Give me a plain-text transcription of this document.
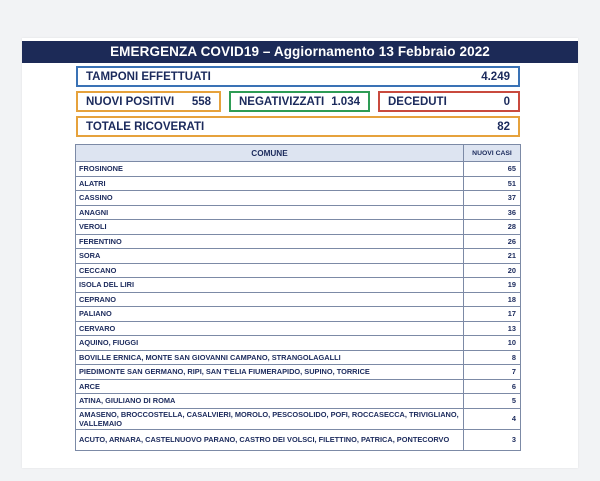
EMERGENZA COVID19 – Aggiornamento 13 Febbraio 2022
TAMPONI EFFETTUATI	4.249
NUOVI POSITIVI 558 NEGATIVIZZATI 1.034 DECEDUTI	0
TOTALE RICOVERATI	82
COMUNE	NUOVI CASI
FROSINONE	65
ALATRI	51
CASSINO	37
ANAGNI	36
VEROLI	28
FERENTINO	26
SORA	21
CECCANO	20
ISOLA DEL LIRI	19
CEPRANO	18
PALIANO	17
CERVARO	13
AQUINO, FIUGGI	10
BOVILLE ERNICA, MONTE SAN GIOVANNI CAMPANO, STRANGOLAGALLI	8
PIEDIMONTE SAN GERMANO, RIPI, SAN T'ELIA FIUMERAPIDO, SUPINO, TORRICE	7
ARCE	6
ATINA, GIULIANO DI ROMA	5
AMASENO, BROCCOSTELLA, CASALVIERI, MOROLO, PESCOSOLIDO, POFI, ROCCASECCA, TRIVIGLIANO, VALLEMAIO	4
ACUTO, ARNARA, CASTELNUOVO PARANO, CASTRO DEI VOLSCI, FILETTINO, PATRICA, PONTECORVO	3
